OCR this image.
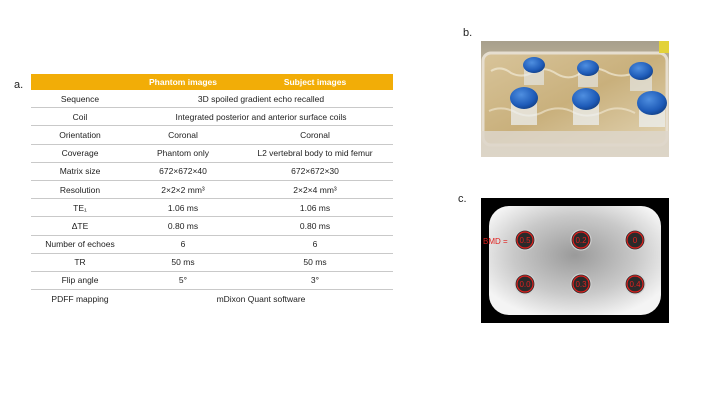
a.
b.
c.
	Phantom images	Subject images
Sequence	3D spoiled gradient echo recalled	
Coil	Integrated posterior and anterior surface coils	
Orientation	Coronal	Coronal
Coverage	Phantom only	L2 vertebral body to mid femur
Matrix size	672×672×40	672×672×30
Resolution	2×2×2 mm³	2×2×4 mm³
TE₁	1.06 ms	1.06 ms
ΔTE	0.80 ms	0.80 ms
Number of echoes	6	6
TR	50 ms	50 ms
Flip angle	5°	3°
PDFF mapping	mDixon Quant software	
BMD = 0.5	0.2	0
0.0	0.3	0.4
